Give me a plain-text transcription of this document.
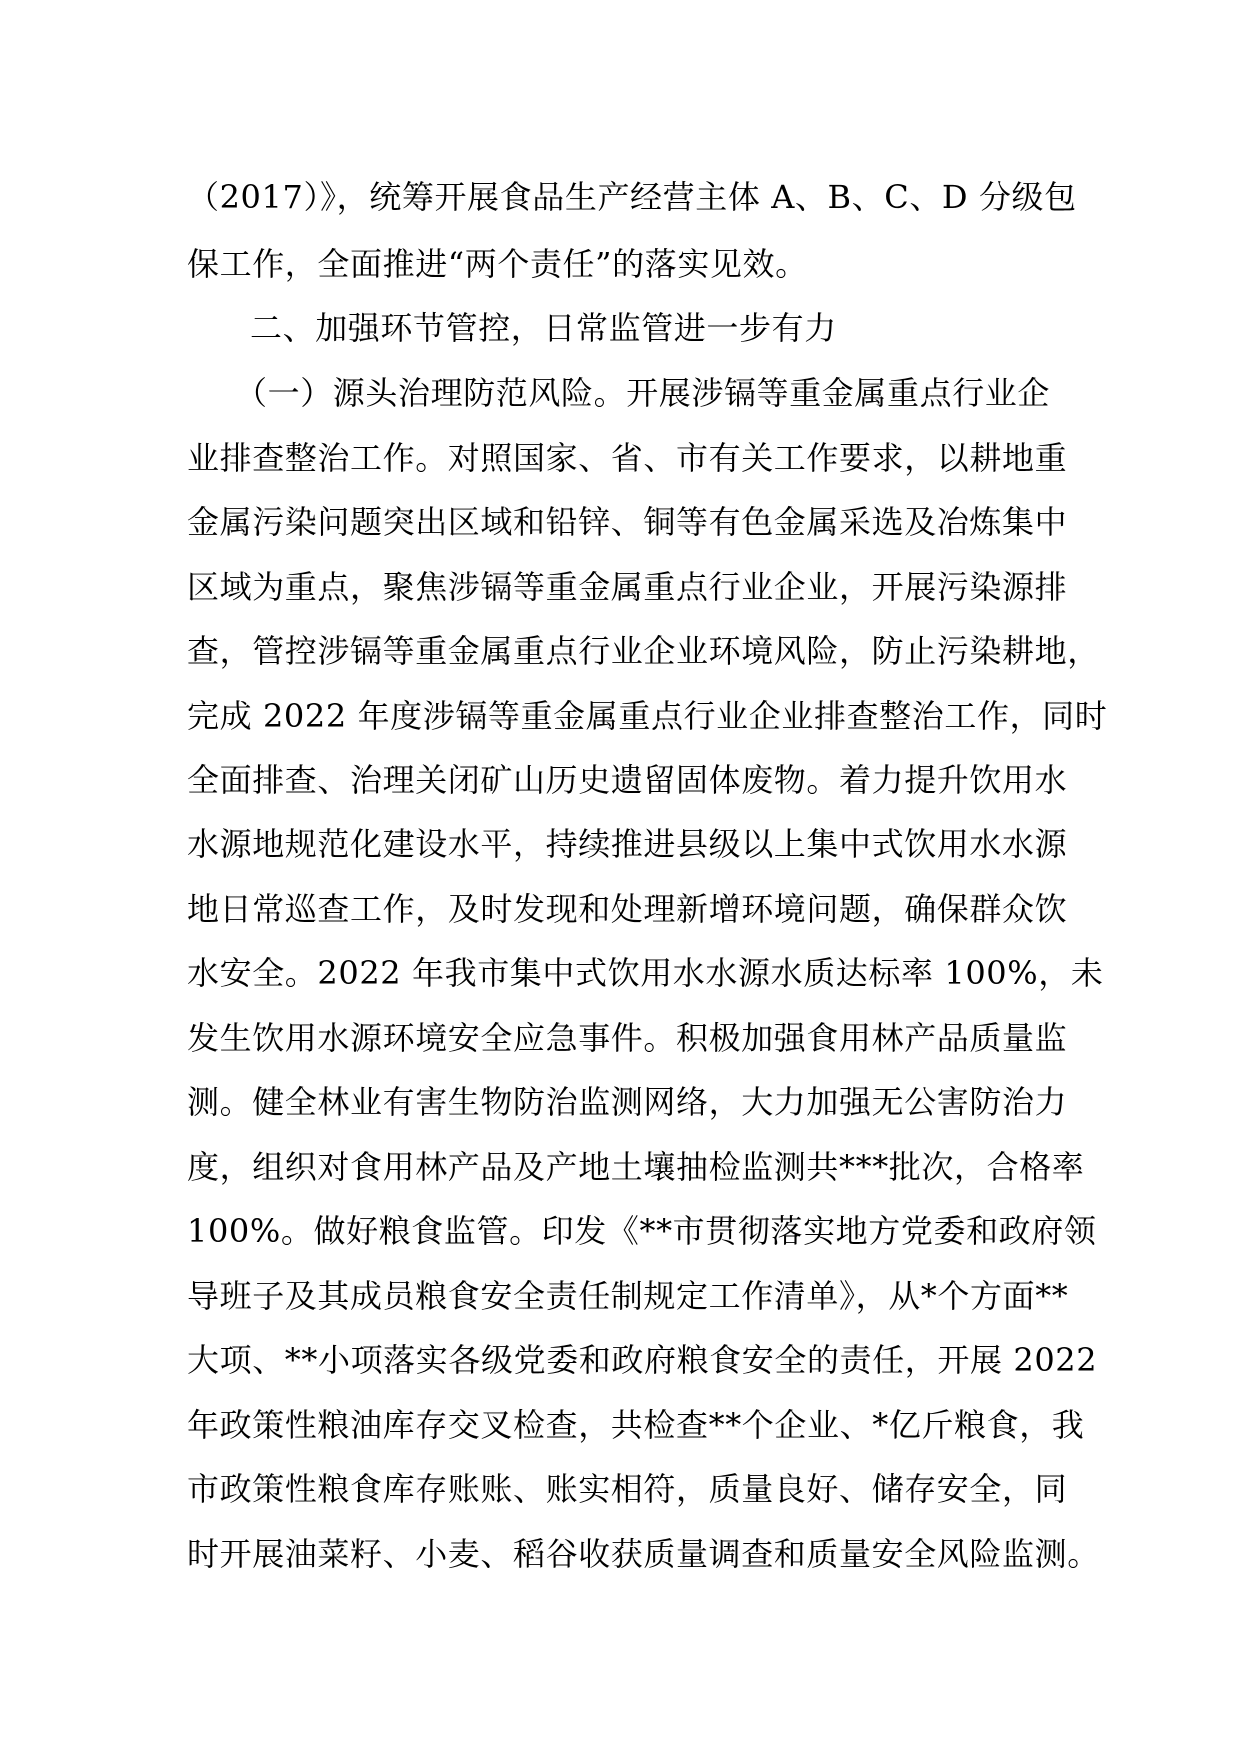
（2017）》，统筹开展食品生产经营主体 A、B、C、D 分级包
保工作，全面推进“两个责任”的落实见效。
二、加强环节管控，日常监管进一步有力
（一）源头治理防范风险。开展涉镉等重金属重点行业企
业排查整治工作。对照国家、省、市有关工作要求，以耕地重
金属污染问题突出区域和铅锌、铜等有色金属采选及冶炼集中
区域为重点，聚焦涉镉等重金属重点行业企业，开展污染源排
查，管控涉镉等重金属重点行业企业环境风险，防止污染耕地，
完成 2022 年度涉镉等重金属重点行业企业排查整治工作，同时
全面排查、治理关闭矿山历史遗留固体废物。着力提升饮用水
水源地规范化建设水平，持续推进县级以上集中式饮用水水源
地日常巡查工作，及时发现和处理新增环境问题，确保群众饮
水安全。2022 年我市集中式饮用水水源水质达标率 100%，未
发生饮用水源环境安全应急事件。积极加强食用林产品质量监
测。健全林业有害生物防治监测网络，大力加强无公害防治力
度，组织对食用林产品及产地土壤抽检监测共***批次，合格率
100%。做好粮食监管。印发《**市贯彻落实地方党委和政府领
导班子及其成员粮食安全责任制规定工作清单》，从*个方面**
大项、**小项落实各级党委和政府粮食安全的责任，开展 2022
年政策性粮油库存交叉检查，共检查**个企业、*亿斤粮食，我
市政策性粮食库存账账、账实相符，质量良好、储存安全，同
时开展油菜籽、小麦、稻谷收获质量调查和质量安全风险监测。
